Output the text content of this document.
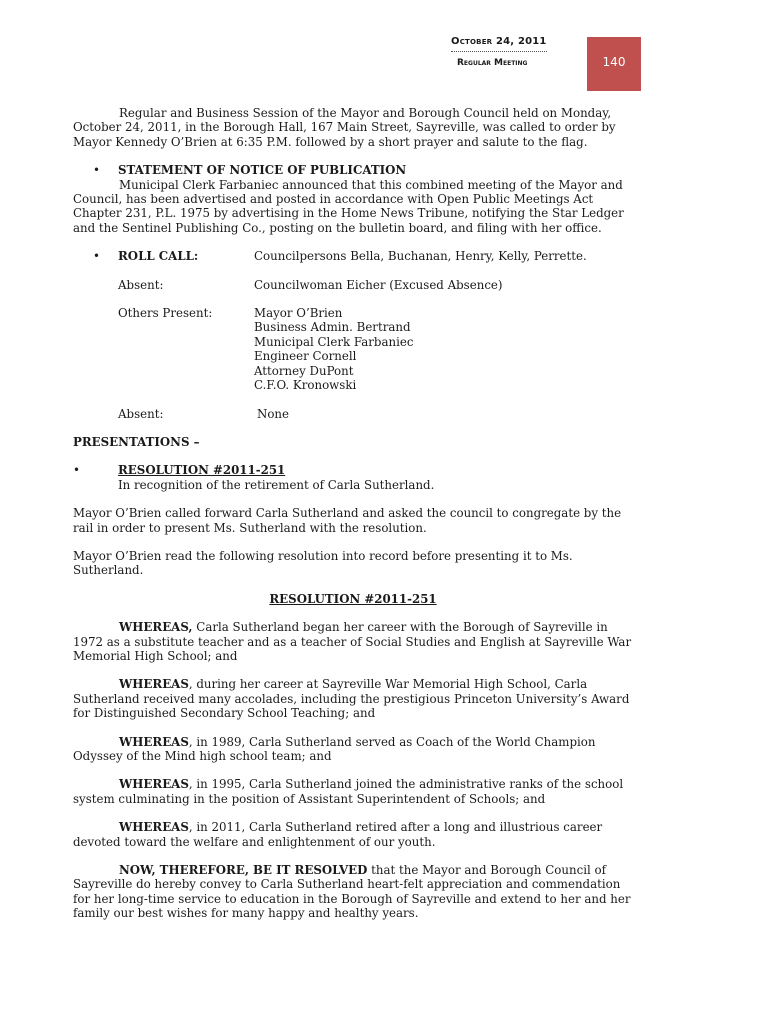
October 24, 2011
Regular Meeting	140

Regular and Business Session of the Mayor and Borough Council held on Monday, October 24, 2011, in the Borough Hall, 167 Main Street, Sayreville, was called to order by Mayor Kennedy O’Brien at 6:35 P.M. followed by a short prayer and salute to the flag.

• STATEMENT OF NOTICE OF PUBLICATION

Municipal Clerk Farbaniec announced that this combined meeting of the Mayor and Council, has been advertised and posted in accordance with Open Public Meetings Act Chapter 231, P.L. 1975 by advertising in the Home News Tribune, notifying the Star Ledger and the Sentinel Publishing Co., posting on the bulletin board, and filing with her office.

• ROLL CALL:	Councilpersons Bella, Buchanan, Henry, Kelly, Perrette.
Absent:	Councilwoman Eicher (Excused Absence)
Others Present:	Mayor O’Brien
Business Admin. Bertrand
Municipal Clerk Farbaniec
Engineer Cornell
Attorney DuPont
C.F.O. Kronowski
Absent:	None

PRESENTATIONS –

•	RESOLUTION #2011-251
In recognition of the retirement of Carla Sutherland.

Mayor O’Brien called forward Carla Sutherland and asked the council to congregate by the rail in order to present Ms. Sutherland with the resolution.

Mayor O’Brien read the following resolution into record before presenting it to Ms. Sutherland.

RESOLUTION #2011-251

WHEREAS, Carla Sutherland began her career with the Borough of Sayreville in 1972 as a substitute teacher and as a teacher of Social Studies and English at Sayreville War Memorial High School; and

WHEREAS, during her career at Sayreville War Memorial High School, Carla Sutherland received many accolades, including the prestigious Princeton University’s Award for Distinguished Secondary School Teaching; and

WHEREAS, in 1989, Carla Sutherland served as Coach of the World Champion Odyssey of the Mind high school team; and

WHEREAS, in 1995, Carla Sutherland joined the administrative ranks of the school system culminating in the position of Assistant Superintendent of Schools; and

WHEREAS, in 2011, Carla Sutherland retired after a long and illustrious career devoted toward the welfare and enlightenment of our youth.

NOW, THEREFORE, BE IT RESOLVED that the Mayor and Borough Council of Sayreville do hereby convey to Carla Sutherland heart-felt appreciation and commendation for her long-time service to education in the Borough of Sayreville and extend to her and her family our best wishes for many happy and healthy years.
